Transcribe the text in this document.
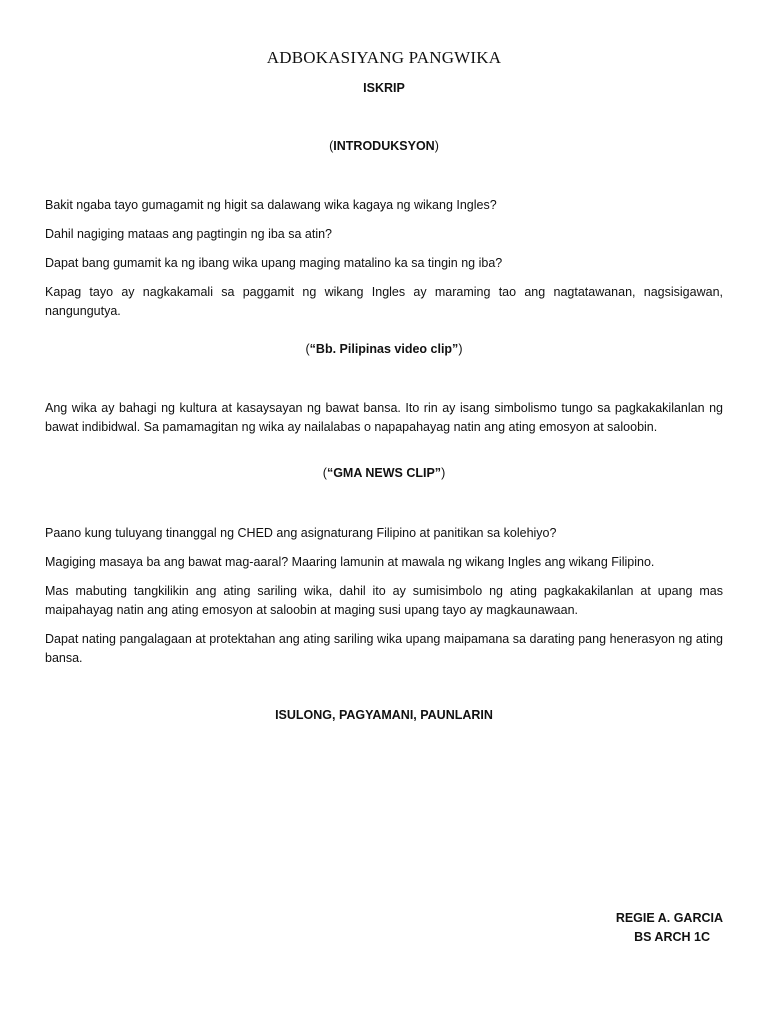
ADBOKASIYANG PANGWIKA
ISKRIP
(INTRODUKSYON)

Bakit ngaba tayo gumagamit ng higit sa dalawang wika kagaya ng wikang Ingles?

Dahil nagiging mataas ang pagtingin ng iba sa atin?

Dapat bang gumamit ka ng ibang wika upang maging matalino ka sa tingin ng iba?

Kapag tayo ay nagkakamali sa paggamit ng wikang Ingles ay maraming tao ang nagtatawanan, nagsisigawan, nangungutya.

(“Bb. Pilipinas video clip”)

Ang wika ay bahagi ng kultura at kasaysayan ng bawat bansa. Ito rin ay isang simbolismo tungo sa pagkakakilanlan ng bawat indibidwal. Sa pamamagitan ng wika ay nailalabas o napapahayag natin ang ating emosyon at saloobin.

(“GMA NEWS CLIP”)

Paano kung tuluyang tinanggal ng CHED ang asignaturang Filipino at panitikan sa kolehiyo?

Magiging masaya ba ang bawat mag-aaral? Maaring lamunin at mawala ng wikang Ingles ang wikang Filipino.

Mas mabuting tangkilikin ang ating sariling wika, dahil ito ay sumisimbolo ng ating pagkakakilanlan at upang mas maipahayag natin ang ating emosyon at saloobin at maging susi upang tayo ay magkaunawaan.

Dapat nating pangalagaan at protektahan ang ating sariling wika upang maipamana sa darating pang henerasyon ng ating bansa.

ISULONG, PAGYAMANI, PAUNLARIN
REGIE A. GARCIA
BS ARCH 1C
